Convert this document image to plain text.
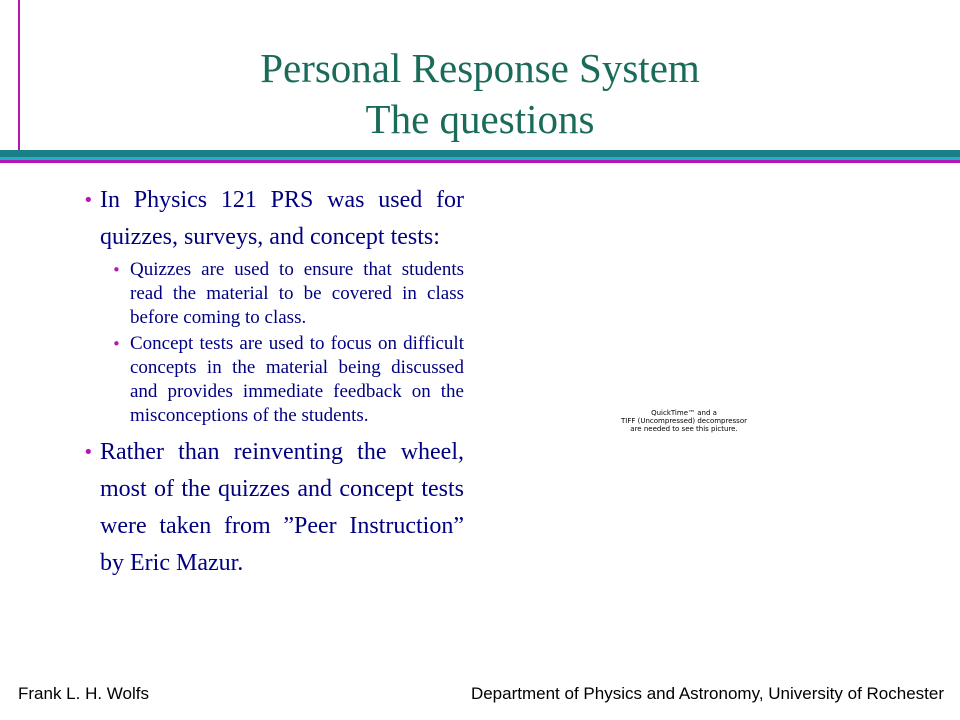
Personal Response System
The questions
• In Physics 121 PRS was used for quizzes, surveys, and concept tests:
• Quizzes are used to ensure that students read the material to be covered in class before coming to class.
• Concept tests are used to focus on difficult concepts in the material being discussed and provides immediate feedback on the misconceptions of the students.
• Rather than reinventing the wheel, most of the quizzes and concept tests were taken from ”Peer Instruction” by Eric Mazur.
QuickTime™ and a
TIFF (Uncompressed) decompressor
are needed to see this picture.
Frank L. H. Wolfs	Department of Physics and Astronomy, University of Rochester
